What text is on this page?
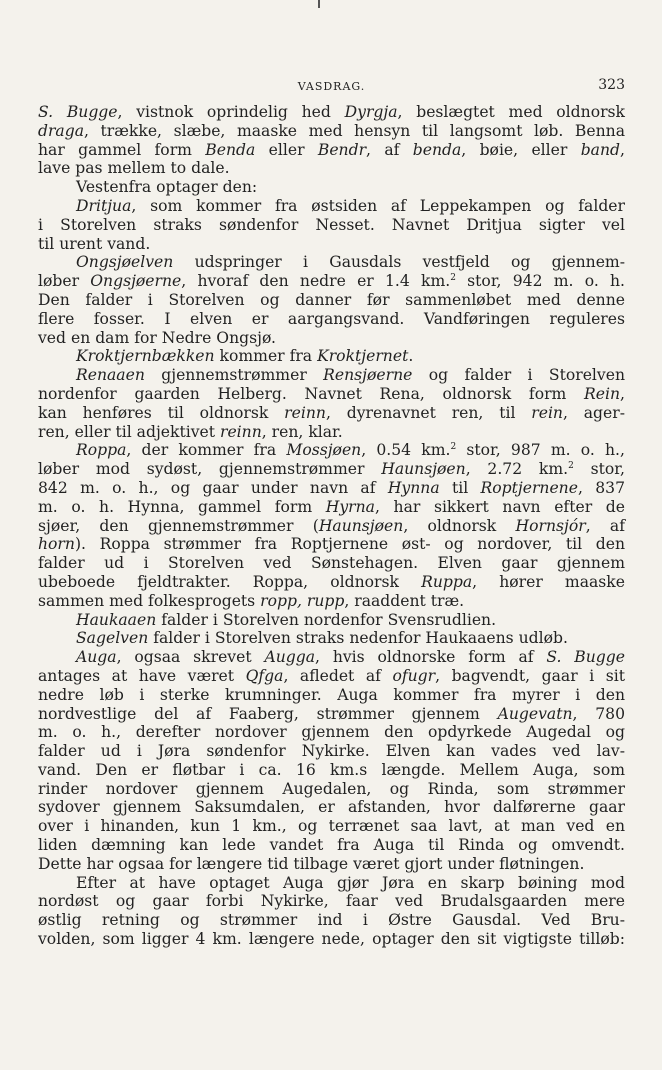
VASDRAG.	323
S. Bugge, vistnok oprindelig hed Dyrgja, beslægtet med oldnorsk
draga, trække, slæbe, maaske med hensyn til langsomt løb. Benna
har gammel form Benda eller Bendr, af benda, bøie, eller band,
lave pas mellem to dale.
Vestenfra optager den:
Dritjua, som kommer fra østsiden af Leppekampen og falder
i Storelven straks søndenfor Nesset. Navnet Dritjua sigter vel
til urent vand.
Ongsjøelven udspringer i Gausdals vestfjeld og gjennem-
løber Ongsjøerne, hvoraf den nedre er 1.4 km.$^2$ stor, 942 m. o. h.
Den falder i Storelven og danner før sammenløbet med denne
flere fosser. I elven er aargangsvand. Vandføringen reguleres
ved en dam for Nedre Ongsjø.
Kroktjernbækken kommer fra Kroktjernet.
Renaaen gjennemstrømmer Rensjøerne og falder i Storelven
nordenfor gaarden Helberg. Navnet Rena, oldnorsk form Rein,
kan henføres til oldnorsk reinn, dyrenavnet ren, til rein, ager-
ren, eller til adjektivet reinn, ren, klar.
Roppa, der kommer fra Mossjøen, 0.54 km.$^2$ stor, 987 m. o. h.,
løber mod sydøst, gjennemstrømmer Haunsjøen, 2.72 km.$^2$ stor,
842 m. o. h., og gaar under navn af Hynna til Roptjernene, 837
m. o. h. Hynna, gammel form Hyrna, har sikkert navn efter de
sjøer, den gjennemstrømmer (Haunsjøen, oldnorsk Hornsjór, af
horn). Roppa strømmer fra Roptjernene øst- og nordover, til den
falder ud i Storelven ved Sønstehagen. Elven gaar gjennem
ubeboede fjeldtrakter. Roppa, oldnorsk Ruppa, hører maaske
sammen med folkesprogets ropp, rupp, raaddent træ.
Haukaaen falder i Storelven nordenfor Svensrudlien.
Sagelven falder i Storelven straks nedenfor Haukaaens udløb.
Auga, ogsaa skrevet Augga, hvis oldnorske form af S. Bugge
antages at have været Qfga, afledet af ofugr, bagvendt, gaar i sit
nedre løb i sterke krumninger. Auga kommer fra myrer i den
nordvestlige del af Faaberg, strømmer gjennem Augevatn, 780
m. o. h., derefter nordover gjennem den opdyrkede Augedal og
falder ud i Jøra søndenfor Nykirke. Elven kan vades ved lav-
vand. Den er fløtbar i ca. 16 km.s længde. Mellem Auga, som
rinder nordover gjennem Augedalen, og Rinda, som strømmer
sydover gjennem Saksumdalen, er afstanden, hvor dalførerne gaar
over i hinanden, kun 1 km., og terrænet saa lavt, at man ved en
liden dæmning kan lede vandet fra Auga til Rinda og omvendt.
Dette har ogsaa for længere tid tilbage været gjort under fløtningen.
Efter at have optaget Auga gjør Jøra en skarp bøining mod
nordøst og gaar forbi Nykirke, faar ved Brudalsgaarden mere
østlig retning og strømmer ind i Østre Gausdal. Ved Bru-
volden, som ligger 4 km. længere nede, optager den sit vigtigste tilløb:
